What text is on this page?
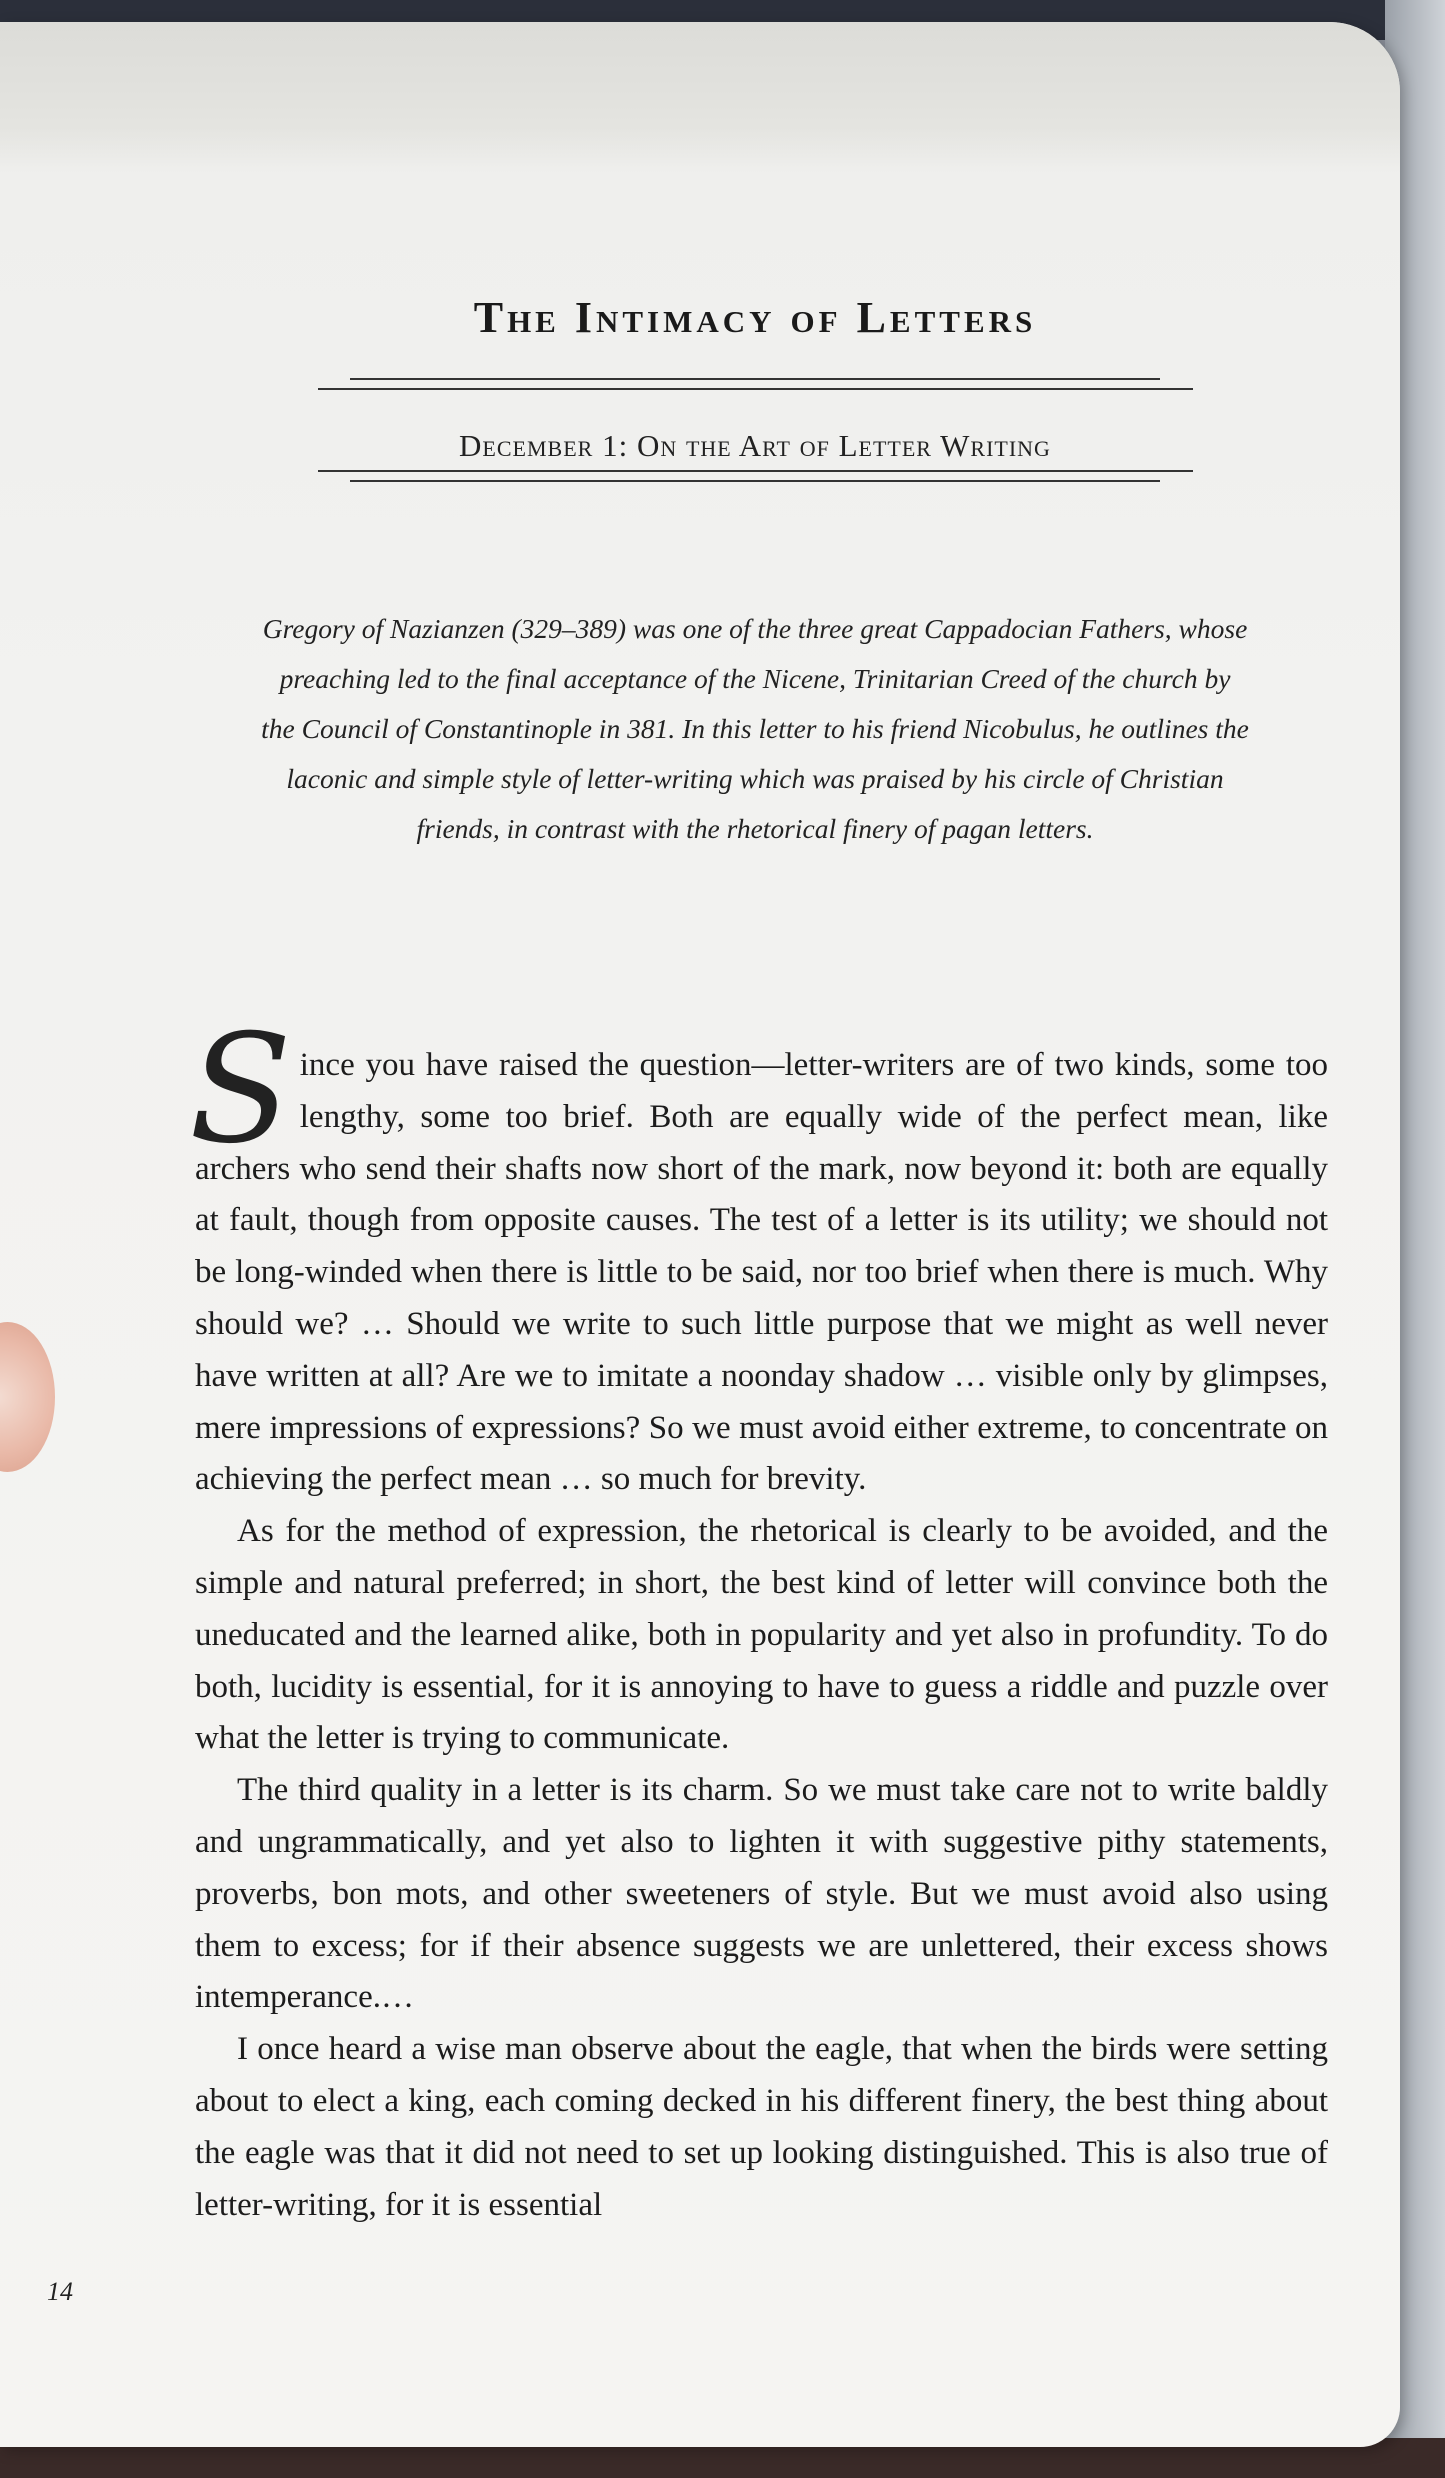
The Intimacy of Letters
December 1: On the Art of Letter Writing
Gregory of Nazianzen (329–389) was one of the three great Cappadocian Fathers, whose preaching led to the final acceptance of the Nicene, Trinitarian Creed of the church by the Council of Constantinople in 381. In this letter to his friend Nicobulus, he outlines the laconic and simple style of letter-writing which was praised by his circle of Christian friends, in contrast with the rhetorical finery of pagan letters.

Since you have raised the question—letter-writers are of two kinds, some too lengthy, some too brief. Both are equally wide of the perfect mean, like archers who send their shafts now short of the mark, now beyond it: both are equally at fault, though from opposite causes. The test of a letter is its utility; we should not be long-winded when there is little to be said, nor too brief when there is much. Why should we? … Should we write to such little purpose that we might as well never have written at all? Are we to imitate a noonday shadow … visible only by glimpses, mere impressions of expressions? So we must avoid either extreme, to concentrate on achieving the perfect mean … so much for brevity.

As for the method of expression, the rhetorical is clearly to be avoided, and the simple and natural preferred; in short, the best kind of letter will convince both the uneducated and the learned alike, both in popularity and yet also in profundity. To do both, lucidity is essential, for it is annoying to have to guess a riddle and puzzle over what the letter is trying to communicate.

The third quality in a letter is its charm. So we must take care not to write baldly and ungrammatically, and yet also to lighten it with suggestive pithy statements, proverbs, bon mots, and other sweeteners of style. But we must avoid also using them to excess; for if their absence suggests we are unlettered, their excess shows intemperance.…

I once heard a wise man observe about the eagle, that when the birds were setting about to elect a king, each coming decked in his different finery, the best thing about the eagle was that it did not need to set up looking distinguished. This is also true of letter-writing, for it is essential

14
